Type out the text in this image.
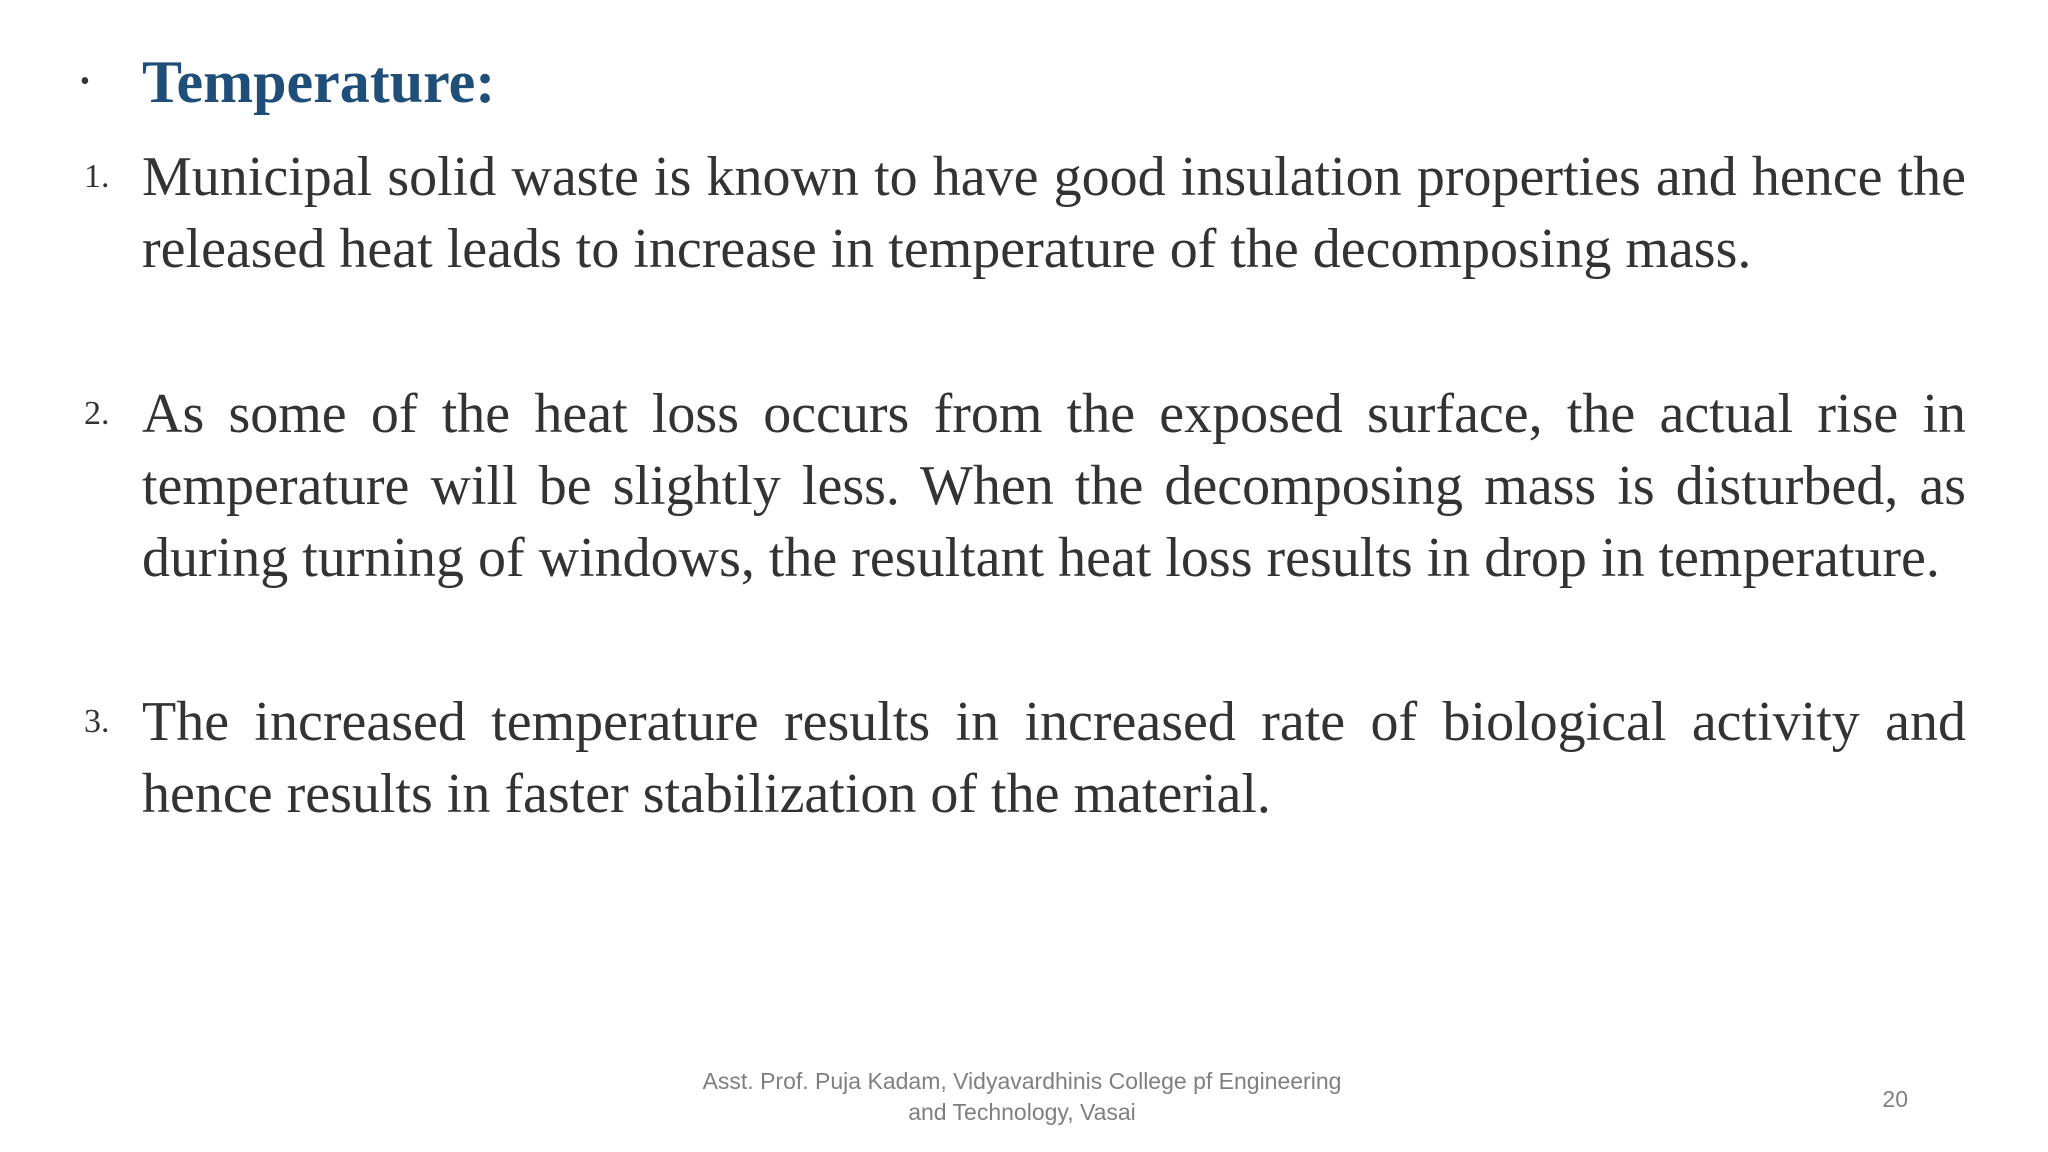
• Temperature:
1. Municipal solid waste is known to have good insulation properties and hence the released heat leads to increase in temperature of the decomposing mass.

2. As some of the heat loss occurs from the exposed surface, the actual rise in temperature will be slightly less. When the decomposing mass is disturbed, as during turning of windows, the resultant heat loss results in drop in temperature.

3. The increased temperature results in increased rate of biological activity and hence results in faster stabilization of the material.

Asst. Prof. Puja Kadam, Vidyavardhinis College pf Engineering
and Technology, Vasai	20
